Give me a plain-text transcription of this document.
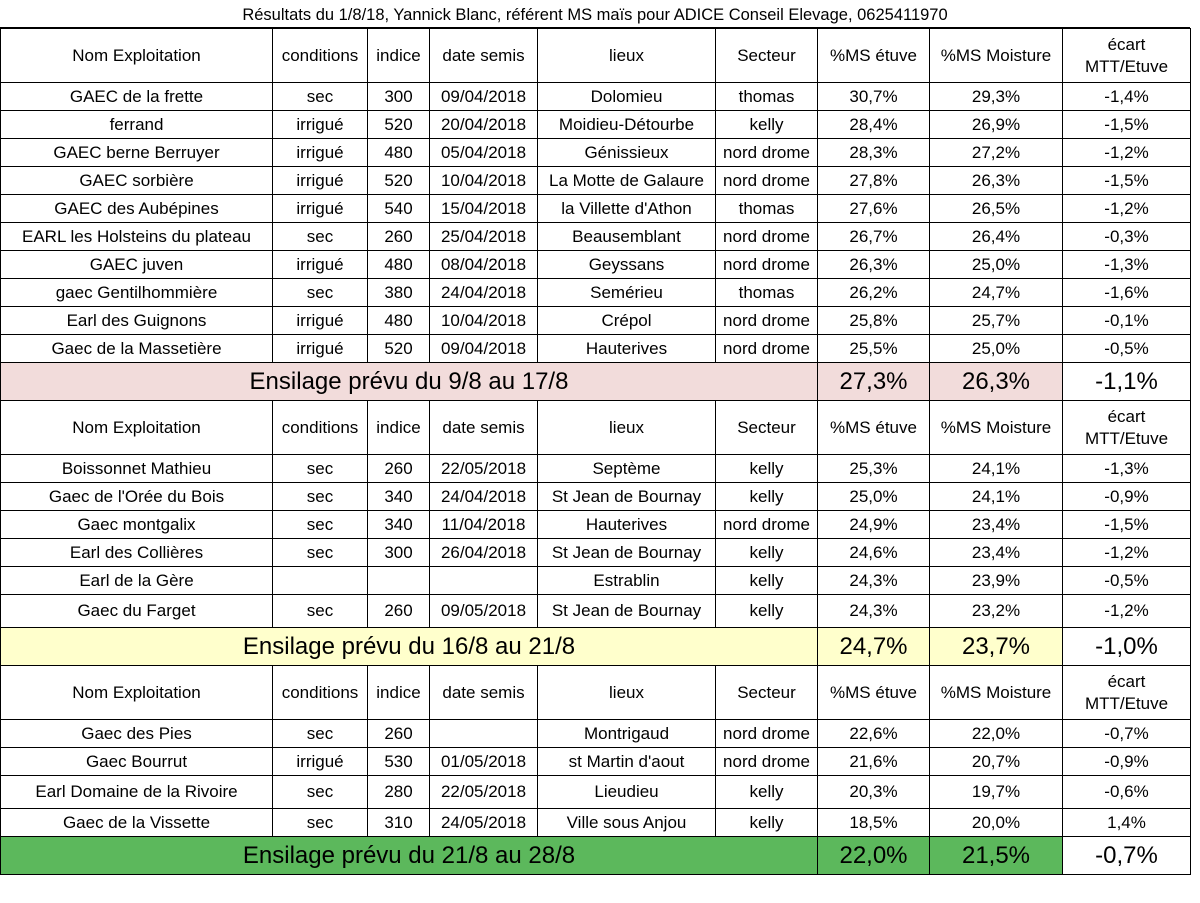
Résultats du 1/8/18, Yannick Blanc, référent MS maïs pour ADICE Conseil Elevage, 0625411970
Nom Exploitation	conditions	indice	date semis	lieux	Secteur	%MS étuve	%MS Moisture	écart
MTT/Etuve

GAEC de la frette	sec	300	09/04/2018	Dolomieu	thomas	30,7%	29,3%	-1,4%
ferrand	irrigué	520	20/04/2018	Moidieu-Détourbe	kelly	28,4%	26,9%	-1,5%
GAEC berne Berruyer	irrigué	480	05/04/2018	Génissieux	nord drome	28,3%	27,2%	-1,2%
GAEC sorbière	irrigué	520	10/04/2018	La Motte de Galaure	nord drome	27,8%	26,3%	-1,5%
GAEC des Aubépines	irrigué	540	15/04/2018	la Villette d'Athon	thomas	27,6%	26,5%	-1,2%
EARL les Holsteins du plateau	sec	260	25/04/2018	Beausemblant	nord drome	26,7%	26,4%	-0,3%
GAEC juven	irrigué	480	08/04/2018	Geyssans	nord drome	26,3%	25,0%	-1,3%
gaec Gentilhommière	sec	380	24/04/2018	Semérieu	thomas	26,2%	24,7%	-1,6%
Earl des Guignons	irrigué	480	10/04/2018	Crépol	nord drome	25,8%	25,7%	-0,1%
Gaec de la Massetière	irrigué	520	09/04/2018	Hauterives	nord drome	25,5%	25,0%	-0,5%
Ensilage prévu du 9/8 au 17/8						27,3%	26,3%	-1,1%
Nom Exploitation	conditions	indice	date semis	lieux	Secteur	%MS étuve	%MS Moisture	écart
MTT/Etuve

Boissonnet Mathieu	sec	260	22/05/2018	Septème	kelly	25,3%	24,1%	-1,3%
Gaec de l'Orée du Bois	sec	340	24/04/2018	St Jean de Bournay	kelly	25,0%	24,1%	-0,9%
Gaec montgalix	sec	340	11/04/2018	Hauterives	nord drome	24,9%	23,4%	-1,5%
Earl des Collières	sec	300	26/04/2018	St Jean de Bournay	kelly	24,6%	23,4%	-1,2%
Earl de la Gère				Estrablin	kelly	24,3%	23,9%	-0,5%
Gaec du Farget	sec	260	09/05/2018	St Jean de Bournay	kelly	24,3%	23,2%	-1,2%
Ensilage prévu du 16/8 au 21/8						24,7%	23,7%	-1,0%
Nom Exploitation	conditions	indice	date semis	lieux	Secteur	%MS étuve	%MS Moisture	écart
MTT/Etuve

Gaec des Pies	sec	260		Montrigaud	nord drome	22,6%	22,0%	-0,7%
Gaec Bourrut	irrigué	530	01/05/2018	st Martin d'aout	nord drome	21,6%	20,7%	-0,9%
Earl Domaine de la Rivoire	sec	280	22/05/2018	Lieudieu	kelly	20,3%	19,7%	-0,6%
Gaec de la Vissette	sec	310	24/05/2018	Ville sous Anjou	kelly	18,5%	20,0%	1,4%
Ensilage prévu du 21/8 au 28/8						22,0%	21,5%	-0,7%
